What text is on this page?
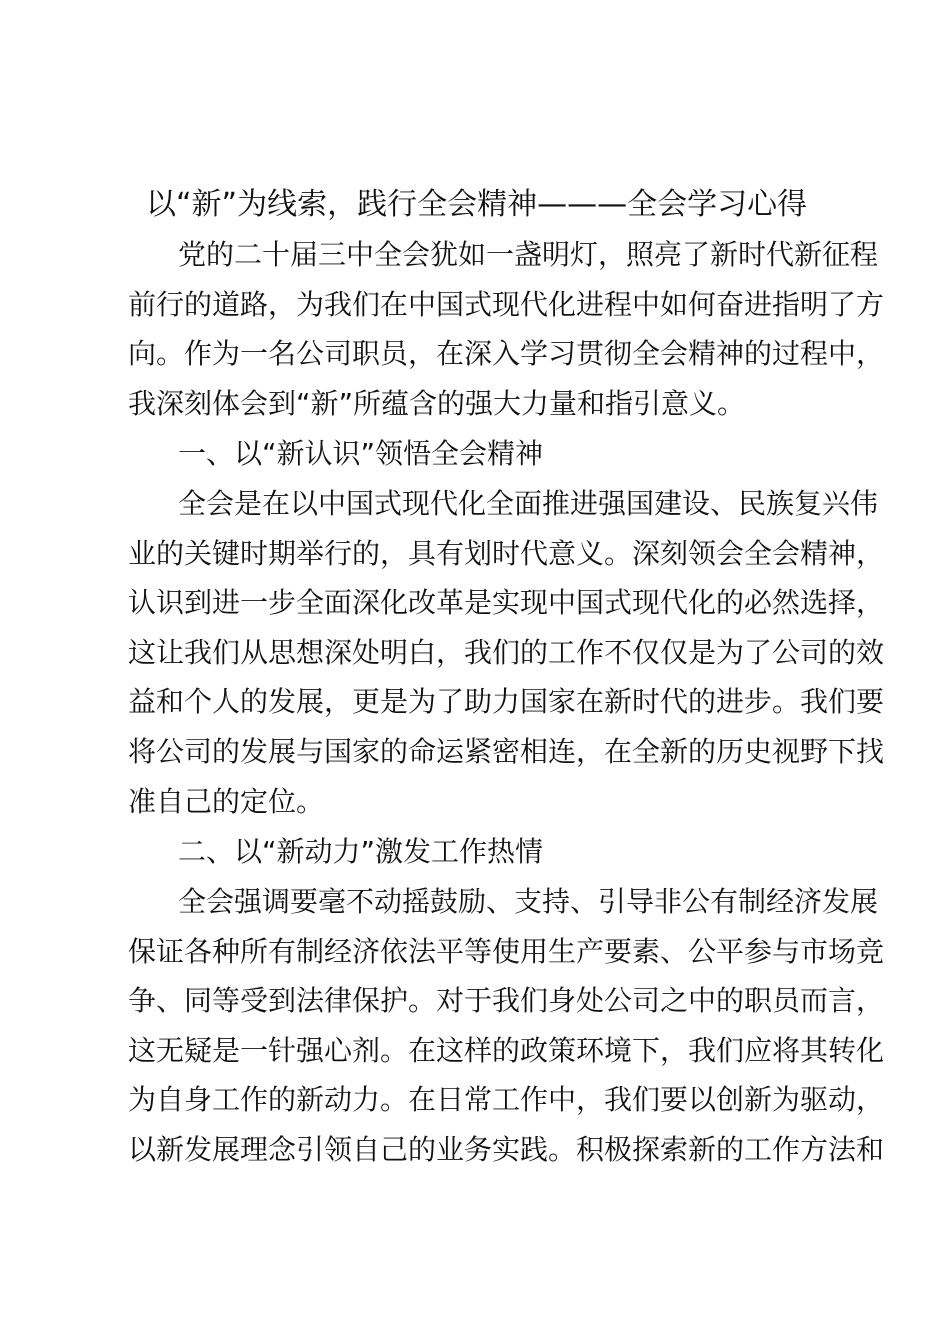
以“新”为线索，践行全会精神———全会学习心得
党的二十届三中全会犹如一盏明灯，照亮了新时代新征程
前行的道路，为我们在中国式现代化进程中如何奋进指明了方
向。作为一名公司职员，在深入学习贯彻全会精神的过程中，
我深刻体会到“新”所蕴含的强大力量和指引意义。
一、以“新认识”领悟全会精神
全会是在以中国式现代化全面推进强国建设、民族复兴伟
业的关键时期举行的，具有划时代意义。深刻领会全会精神，
认识到进一步全面深化改革是实现中国式现代化的必然选择，
这让我们从思想深处明白，我们的工作不仅仅是为了公司的效
益和个人的发展，更是为了助力国家在新时代的进步。我们要
将公司的发展与国家的命运紧密相连，在全新的历史视野下找
准自己的定位。
二、以“新动力”激发工作热情
全会强调要毫不动摇鼓励、支持、引导非公有制经济发展
保证各种所有制经济依法平等使用生产要素、公平参与市场竞
争、同等受到法律保护。对于我们身处公司之中的职员而言，
这无疑是一针强心剂。在这样的政策环境下，我们应将其转化
为自身工作的新动力。在日常工作中，我们要以创新为驱动，
以新发展理念引领自己的业务实践。积极探索新的工作方法和
